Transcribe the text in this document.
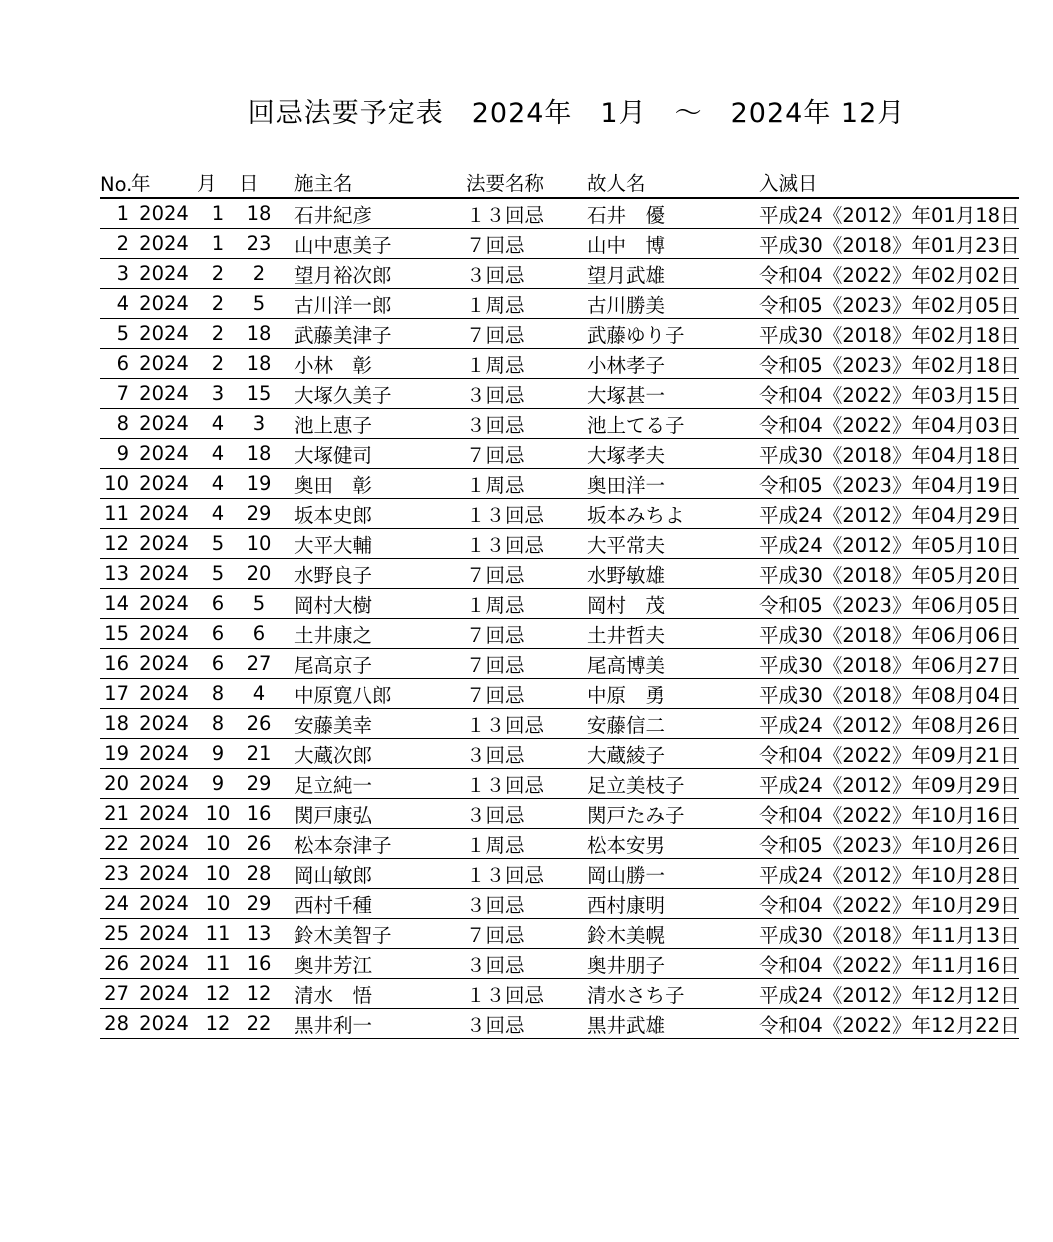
回忌法要予定表　2024年　1月　～　2024年 12月
No.	年	月	日	施主名	法要名称	故人名	入滅日
1	2024	1	18	石井紀彦	１３回忌	石井　優	平成24《2012》年01月18日
2	2024	1	23	山中恵美子	７回忌	山中　博	平成30《2018》年01月23日
3	2024	2	2	望月裕次郎	３回忌	望月武雄	令和04《2022》年02月02日
4	2024	2	5	古川洋一郎	１周忌	古川勝美	令和05《2023》年02月05日
5	2024	2	18	武藤美津子	７回忌	武藤ゆり子	平成30《2018》年02月18日
6	2024	2	18	小林　彰	１周忌	小林孝子	令和05《2023》年02月18日
7	2024	3	15	大塚久美子	３回忌	大塚甚一	令和04《2022》年03月15日
8	2024	4	3	池上恵子	３回忌	池上てる子	令和04《2022》年04月03日
9	2024	4	18	大塚健司	７回忌	大塚孝夫	平成30《2018》年04月18日
10	2024	4	19	奥田　彰	１周忌	奥田洋一	令和05《2023》年04月19日
11	2024	4	29	坂本史郎	１３回忌	坂本みちよ	平成24《2012》年04月29日
12	2024	5	10	大平大輔	１３回忌	大平常夫	平成24《2012》年05月10日
13	2024	5	20	水野良子	７回忌	水野敏雄	平成30《2018》年05月20日
14	2024	6	5	岡村大樹	１周忌	岡村　茂	令和05《2023》年06月05日
15	2024	6	6	土井康之	７回忌	土井哲夫	平成30《2018》年06月06日
16	2024	6	27	尾高京子	７回忌	尾高博美	平成30《2018》年06月27日
17	2024	8	4	中原寛八郎	７回忌	中原　勇	平成30《2018》年08月04日
18	2024	8	26	安藤美幸	１３回忌	安藤信二	平成24《2012》年08月26日
19	2024	9	21	大蔵次郎	３回忌	大蔵綾子	令和04《2022》年09月21日
20	2024	9	29	足立純一	１３回忌	足立美枝子	平成24《2012》年09月29日
21	2024	10	16	関戸康弘	３回忌	関戸たみ子	令和04《2022》年10月16日
22	2024	10	26	松本奈津子	１周忌	松本安男	令和05《2023》年10月26日
23	2024	10	28	岡山敏郎	１３回忌	岡山勝一	平成24《2012》年10月28日
24	2024	10	29	西村千種	３回忌	西村康明	令和04《2022》年10月29日
25	2024	11	13	鈴木美智子	７回忌	鈴木美幌	平成30《2018》年11月13日
26	2024	11	16	奥井芳江	３回忌	奥井朋子	令和04《2022》年11月16日
27	2024	12	12	清水　悟	１３回忌	清水さち子	平成24《2012》年12月12日
28	2024	12	22	黒井利一	３回忌	黒井武雄	令和04《2022》年12月22日
